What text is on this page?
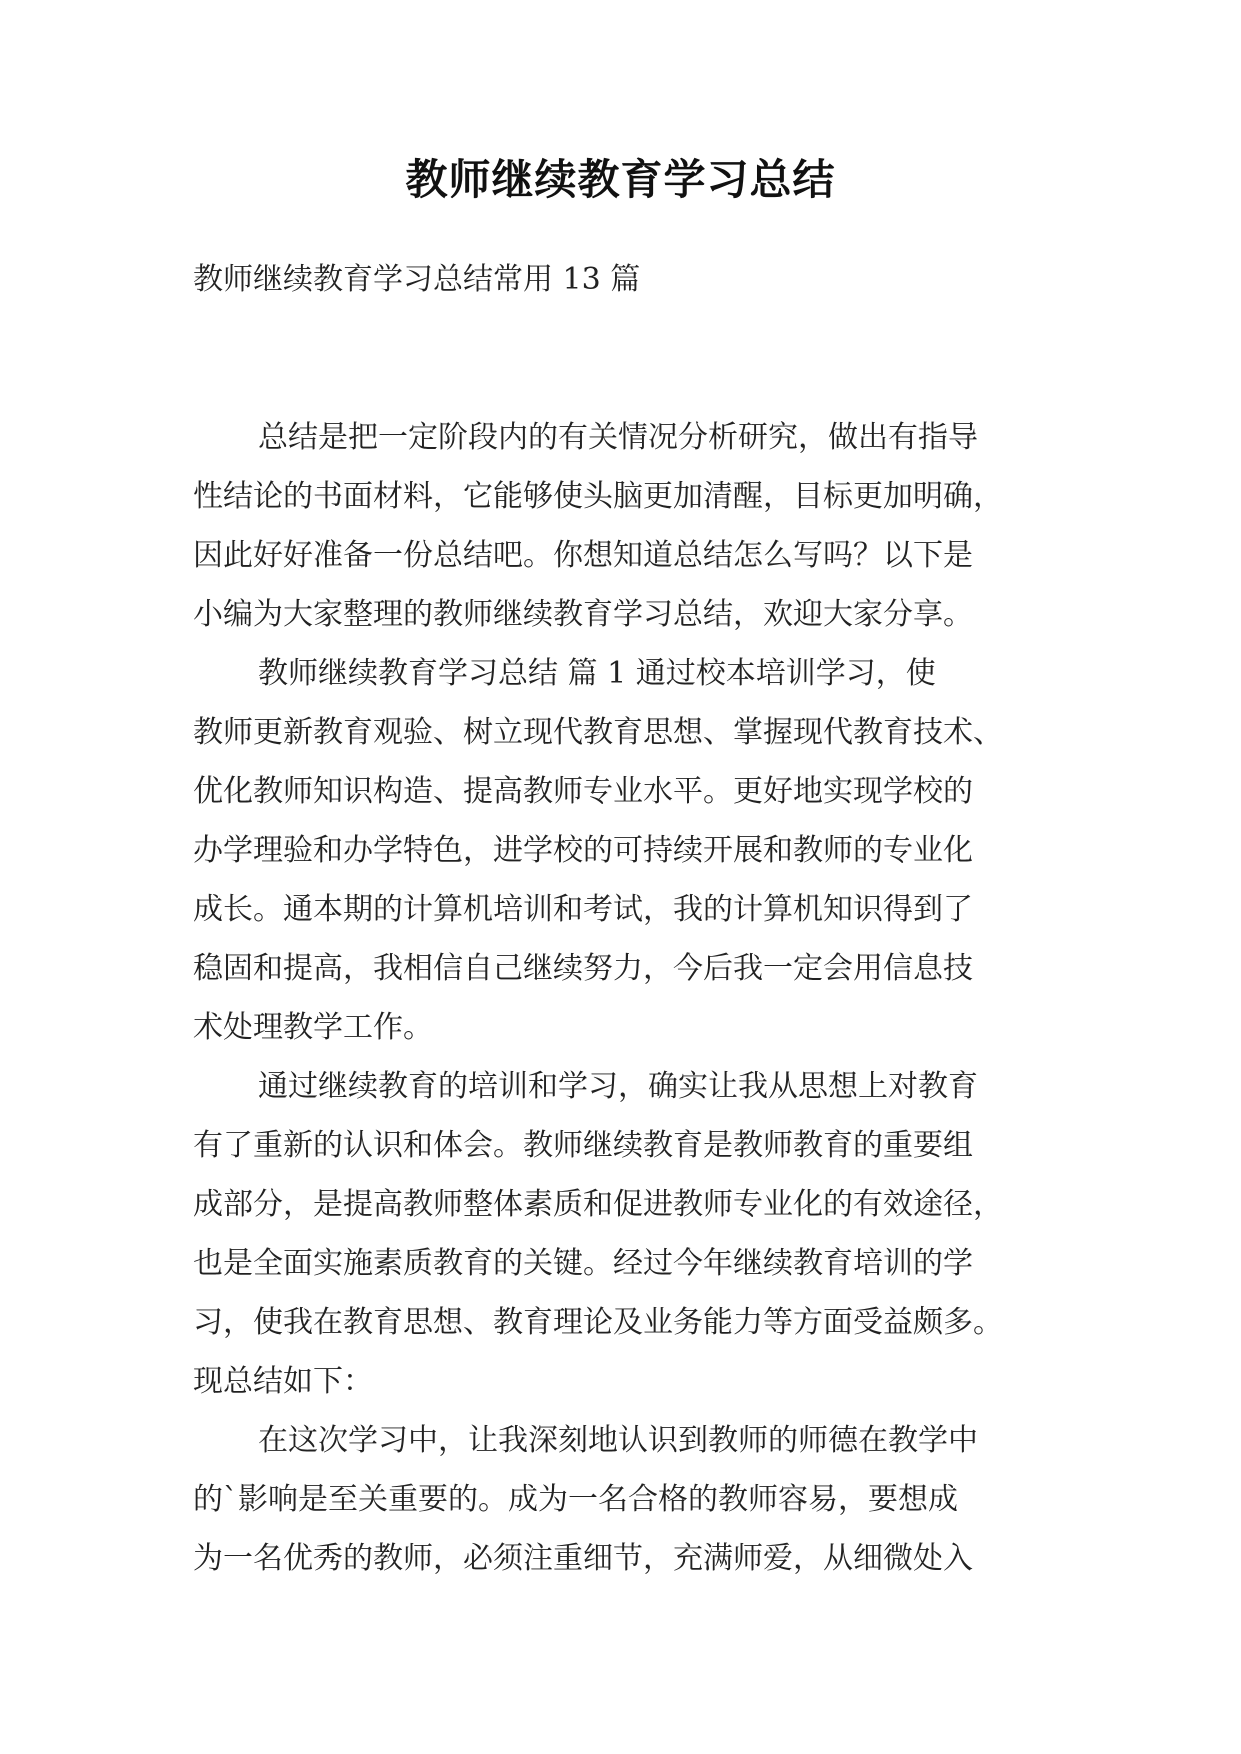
教师继续教育学习总结
教师继续教育学习总结常用 13 篇
总结是把一定阶段内的有关情况分析研究，做出有指导
性结论的书面材料，它能够使头脑更加清醒，目标更加明确，
因此好好准备一份总结吧。你想知道总结怎么写吗？以下是
小编为大家整理的教师继续教育学习总结，欢迎大家分享。
教师继续教育学习总结 篇 1 通过校本培训学习，使
教师更新教育观验、树立现代教育思想、掌握现代教育技术、
优化教师知识构造、提高教师专业水平。更好地实现学校的
办学理验和办学特色，进学校的可持续开展和教师的专业化
成长。通本期的计算机培训和考试，我的计算机知识得到了
稳固和提高，我相信自己继续努力，今后我一定会用信息技
术处理教学工作。
通过继续教育的培训和学习，确实让我从思想上对教育
有了重新的认识和体会。教师继续教育是教师教育的重要组
成部分，是提高教师整体素质和促进教师专业化的有效途径，
也是全面实施素质教育的关键。经过今年继续教育培训的学
习，使我在教育思想、教育理论及业务能力等方面受益颇多。
现总结如下：
在这次学习中，让我深刻地认识到教师的师德在教学中
的`影响是至关重要的。成为一名合格的教师容易，要想成
为一名优秀的教师，必须注重细节，充满师爱，从细微处入
